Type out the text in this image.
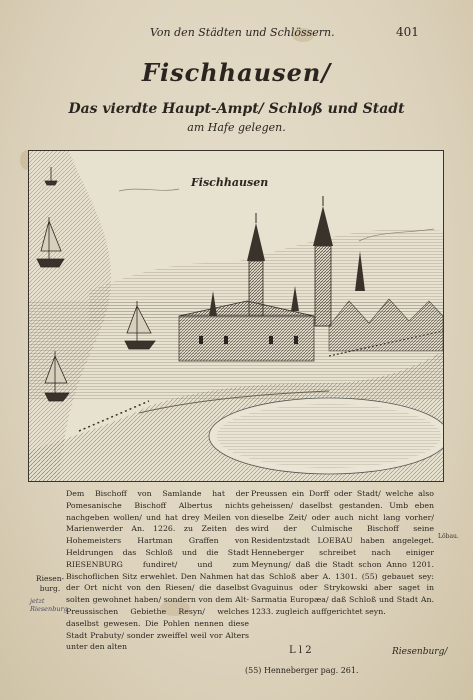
Von den Städten und Schlössern.	401
Fischhausen/
Das vierdte Haupt-Ampt/ Schloß und Stadt
am Hafe gelegen.
Fischhausen
Riesen-burg.
jetzt Riesenburg

Dem Bischoff von Samlande hat der Pomesanische Bischoff Albertus nichts nachgeben wollen/ und hat drey Meilen von Marienwerder An. 1226. zu Zeiten des Hohemeisters Hartman Graffen von Heldrungen das Schloß und die Stadt RIESENBURG fundiret/ und zum Bischoflichen Sitz erwehlet. Den Nahmen hat der Ort nicht von den Riesen/ die daselbst solten gewohnet haben/ sondern von dem Alt-Preussischen Gebiethe Resyn/ welches daselbst gewesen. Die Pohlen nennen diese Stadt Prabuty/ sonder zweiffel weil vor Alters unter den alten

Preussen ein Dorff oder Stadt/ welche also geheissen/ daselbst gestanden. Umb eben dieselbe Zeit/ oder auch nicht lang vorher/ wird der Culmische Bischoff seine Residentzstadt LOEBAU haben angeleget. Henneberger schreibet nach einiger Meynung/ daß die Stadt schon Anno 1201. das Schloß aber A. 1301. (55) gebauet sey: Gvaguinus oder Strykowski aber saget in Sarmatia Europæa/ daß Schloß und Stadt An. 1233. zugleich auffgerichtet seyn.

Löbau.
L l 2	Riesenburg/
(55) Henneberger pag. 261.
